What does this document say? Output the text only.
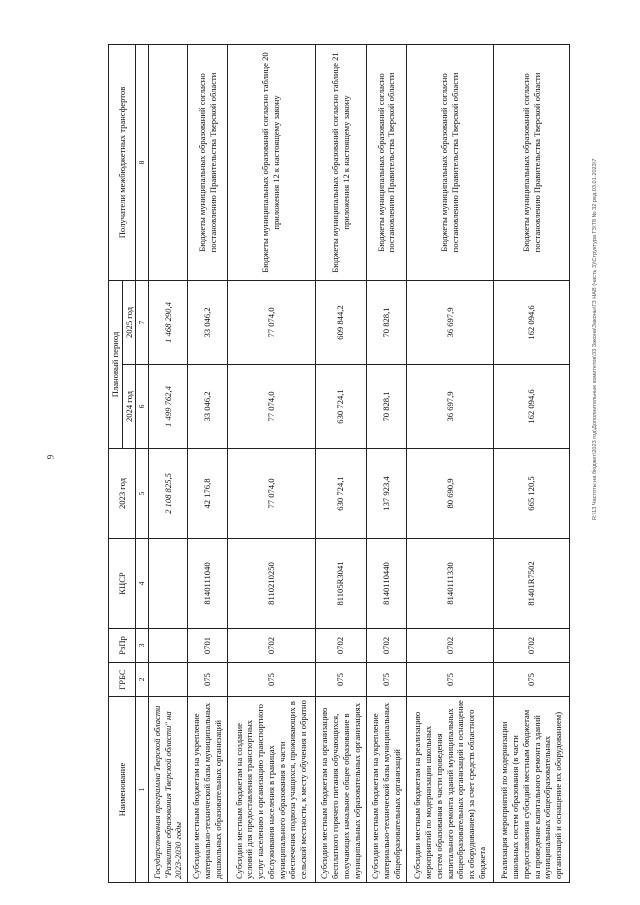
9
Наименование	ГРБС	РзПр	КЦСР	2023 год	Плановый период		Получатели межбюджетных трансфертов
					2024 год	2025 год	
1	2	3	4	5	6	7	8
Государственная программа Тверской области "Развитие образования Тверской области" на 2023-2030 годы				2 108 825,5	1 499 762,4	1 468 290,4	
Субсидии местным бюджетам на укрепление материально-технической базы муниципальных дошкольных образовательных организаций	075	0701	8140111040	42 176,8	33 046,2	33 046,2	Бюджеты муниципальных образований согласно постановлению Правительства Тверской области
Субсидии местным бюджетам на создание условий для предоставления транспортных услуг населению и организацию транспортного обслуживания населения в границах муниципального образования в части обеспечения подвоза учащихся, проживающих в сельской местности, к месту обучения и обратно	075	0702	8110210250	77 074,0	77 074,0	77 074,0	Бюджеты муниципальных образований согласно таблице 20 приложения 12 к настоящему закону
Субсидии местным бюджетам на организацию бесплатного горячего питания обучающихся, получающих начальное общее образование в муниципальных образовательных организациях	075	0702	81105R3041	630 724,1	630 724,1	609 844,2	Бюджеты муниципальных образований согласно таблице 21 приложения 12 к настоящему закону
Субсидии местным бюджетам на укрепление материально-технической базы муниципальных общеобразовательных организаций	075	0702	8140110440	137 923,4	70 828,1	70 828,1	Бюджеты муниципальных образований согласно постановлению Правительства Тверской области
Субсидии местным бюджетам на реализацию мероприятий по модернизации школьных систем образования в части проведения капитального ремонта зданий муниципальных общеобразовательных организаций и оснащение их оборудованием) за счет средств областного бюджета	075	0702	8140111330	80 690,9	36 697,9	36 697,9	Бюджеты муниципальных образований согласно постановлению Правительства Тверской области
Реализация мероприятий по модернизации школьных систем образования (в части предоставления субсидий местным бюджетам на проведение капитального ремонта зданий муниципальных общеобразовательных организаций и оснащение их оборудованием)	075	0702	81401R7502	665 120,5	162 094,6	162 094,6	Бюджеты муниципальных образований согласно постановлению Правительства Тверской области	R:\13 Частоты на бюджет\2023 год\Дополнительные комитетов\33 Закона\Законы\ГЗ НАВ (часть 3)\Структура ГЗ\Т8 № 32 ред.03.01.2023\7
